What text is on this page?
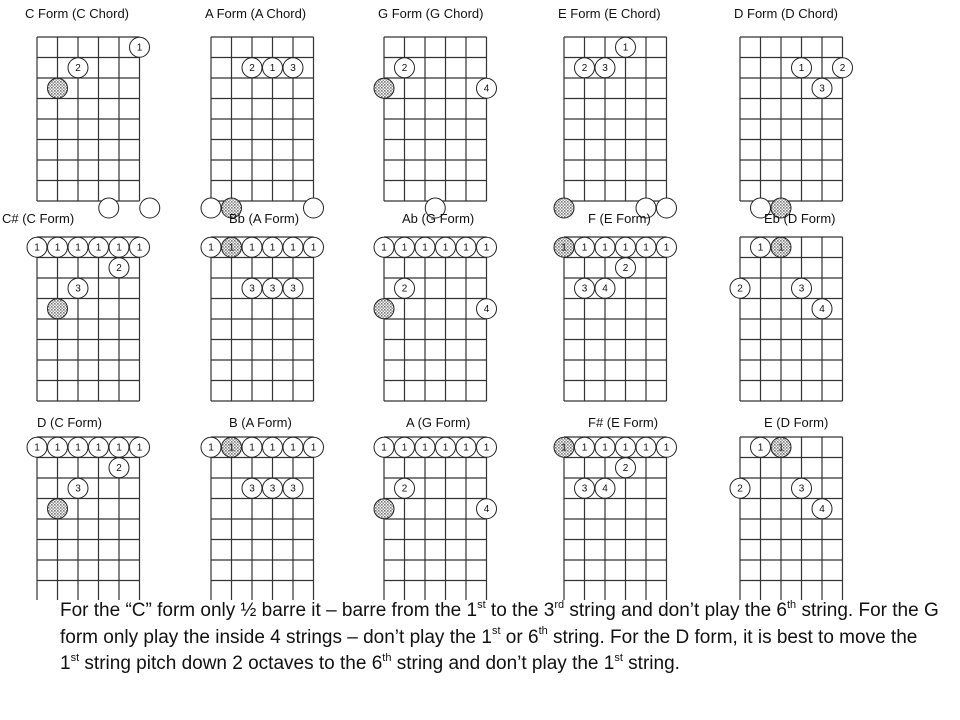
C Form (C Chord)
1
2
A Form (A Chord)
2 1 3
G Form (G Chord)
2
4
E Form (E Chord)
1
2 3
D Form (D Chord)
1	2
3
C# (C Form)
1 1 1 1 1 1
2
3
Bb (A Form)
1 1 1 1 1 1
3 3 3
Ab (G Form)
1 1 1 1 1 1
2
4
F (E Form)
1 1 1 1 1 1
2
3 4
Eb (D Form)
1 1
2	3
4
D (C Form)
1 1 1 1 1 1
2
3
B (A Form)
1 1 1 1 1 1
3 3 3
A (G Form)
1 1 1 1 1 1
2
4
F# (E Form)
1 1 1 1 1 1
2
3 4
E (D Form)
1 1
2	3
4
For the “C” form only ½ barre it – barre from the 1st to the 3rd string and don’t play the 6th string. For the G form only play the inside 4 strings – don’t play the 1st or 6th string. For the D form, it is best to move the 1st string pitch down 2 octaves to the 6th string and don’t play the 1st string.
